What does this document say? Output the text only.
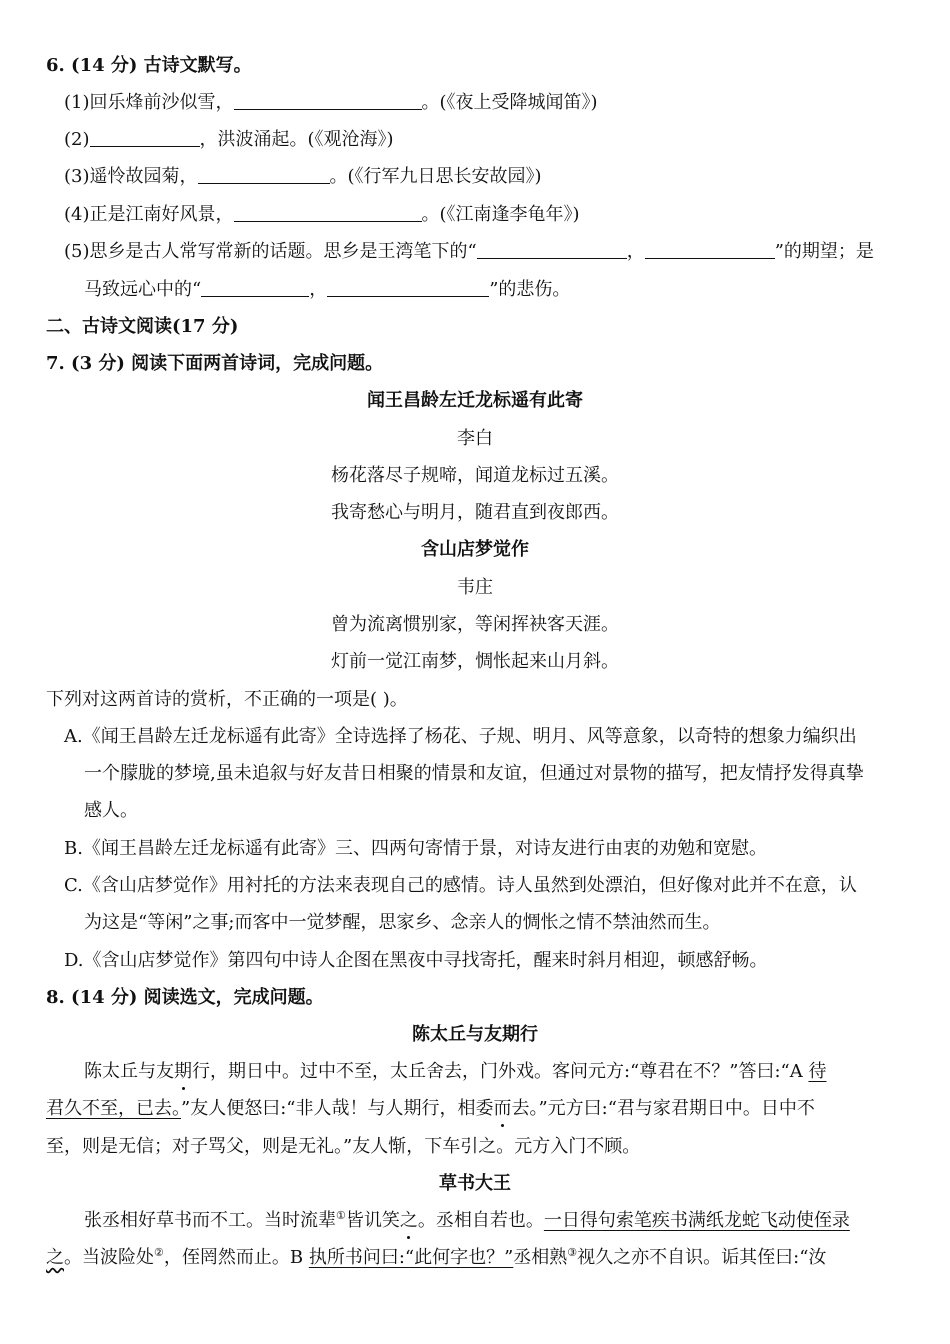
6. (14 分) 古诗文默写。
(1)回乐烽前沙似雪，	。(《夜上受降城闻笛》)
(2)	，洪波涌起。(《观沧海》)
(3)遥怜故园菊，	。(《行军九日思长安故园》)
(4)正是江南好风景，	。(《江南逢李龟年》)
(5)思乡是古人常写常新的话题。思乡是王湾笔下的“	，	”的期望；是
马致远心中的“	，	”的悲伤。
二、古诗文阅读(17 分)
7. (3 分) 阅读下面两首诗词，完成问题。
闻王昌龄左迁龙标遥有此寄
李白
杨花落尽子规啼，闻道龙标过五溪。
我寄愁心与明月，随君直到夜郎西。
含山店梦觉作
韦庄
曾为流离惯别家，等闲挥袂客天涯。
灯前一觉江南梦，惆怅起来山月斜。
下列对这两首诗的赏析，不正确的一项是( )。
A.《闻王昌龄左迁龙标遥有此寄》全诗选择了杨花、子规、明月、风等意象，以奇特的想象力编织出
一个朦胧的梦境,虽未追叙与好友昔日相聚的情景和友谊，但通过对景物的描写，把友情抒发得真挚
感人。
B.《闻王昌龄左迁龙标遥有此寄》三、四两句寄情于景，对诗友进行由衷的劝勉和宽慰。
C.《含山店梦觉作》用衬托的方法来表现自己的感情。诗人虽然到处漂泊，但好像对此并不在意，认
为这是“等闲”之事;而客中一觉梦醒，思家乡、念亲人的惆怅之情不禁油然而生。
D.《含山店梦觉作》第四句中诗人企图在黑夜中寻找寄托，醒来时斜月相迎，顿感舒畅。
8. (14 分) 阅读选文，完成问题。
陈太丘与友期行
陈太丘与友期行，期日中。过中不至，太丘舍去，门外戏。客问元方:“尊君在不？”答曰:“A 待
君久不至，已去。”友人便怒曰:“非人哉！与人期行，相委而去。”元方曰:“君与家君期日中。日中不
至，则是无信；对子骂父，则是无礼。”友人惭，下车引之。元方入门不顾。
草书大王
张丞相好草书而不工。当时流辈①皆讥笑之。丞相自若也。一日得句索笔疾书满纸龙蛇飞动使侄录
之。当波险处②，侄罔然而止。B 执所书问曰:“此何字也？”丞相熟③视久之亦不自识。诟其侄曰:“汝
